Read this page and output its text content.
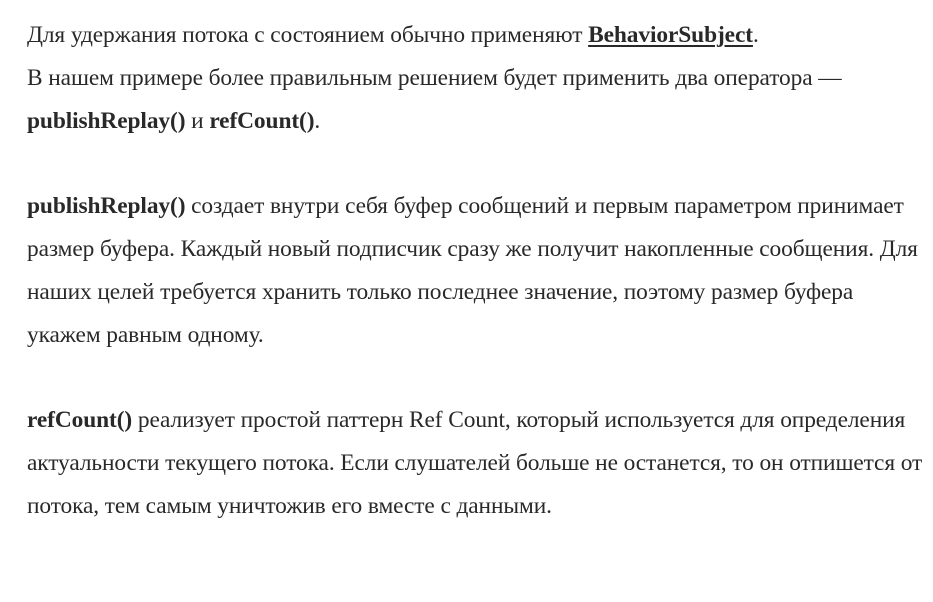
Для удержания потока с состоянием обычно применяют BehaviorSubject.
В нашем примере более правильным решением будет применить два оператора — publishReplay() и refCount().

publishReplay() создает внутри себя буфер сообщений и первым параметром принимает размер буфера. Каждый новый подписчик сразу же получит накопленные сообщения. Для наших целей требуется хранить только последнее значение, поэтому размер буфера укажем равным одному.

refCount() реализует простой паттерн Ref Count, который используется для определения актуальности текущего потока. Если слушателей больше не останется, то он отпишется от потока, тем самым уничтожив его вместе с данными.
